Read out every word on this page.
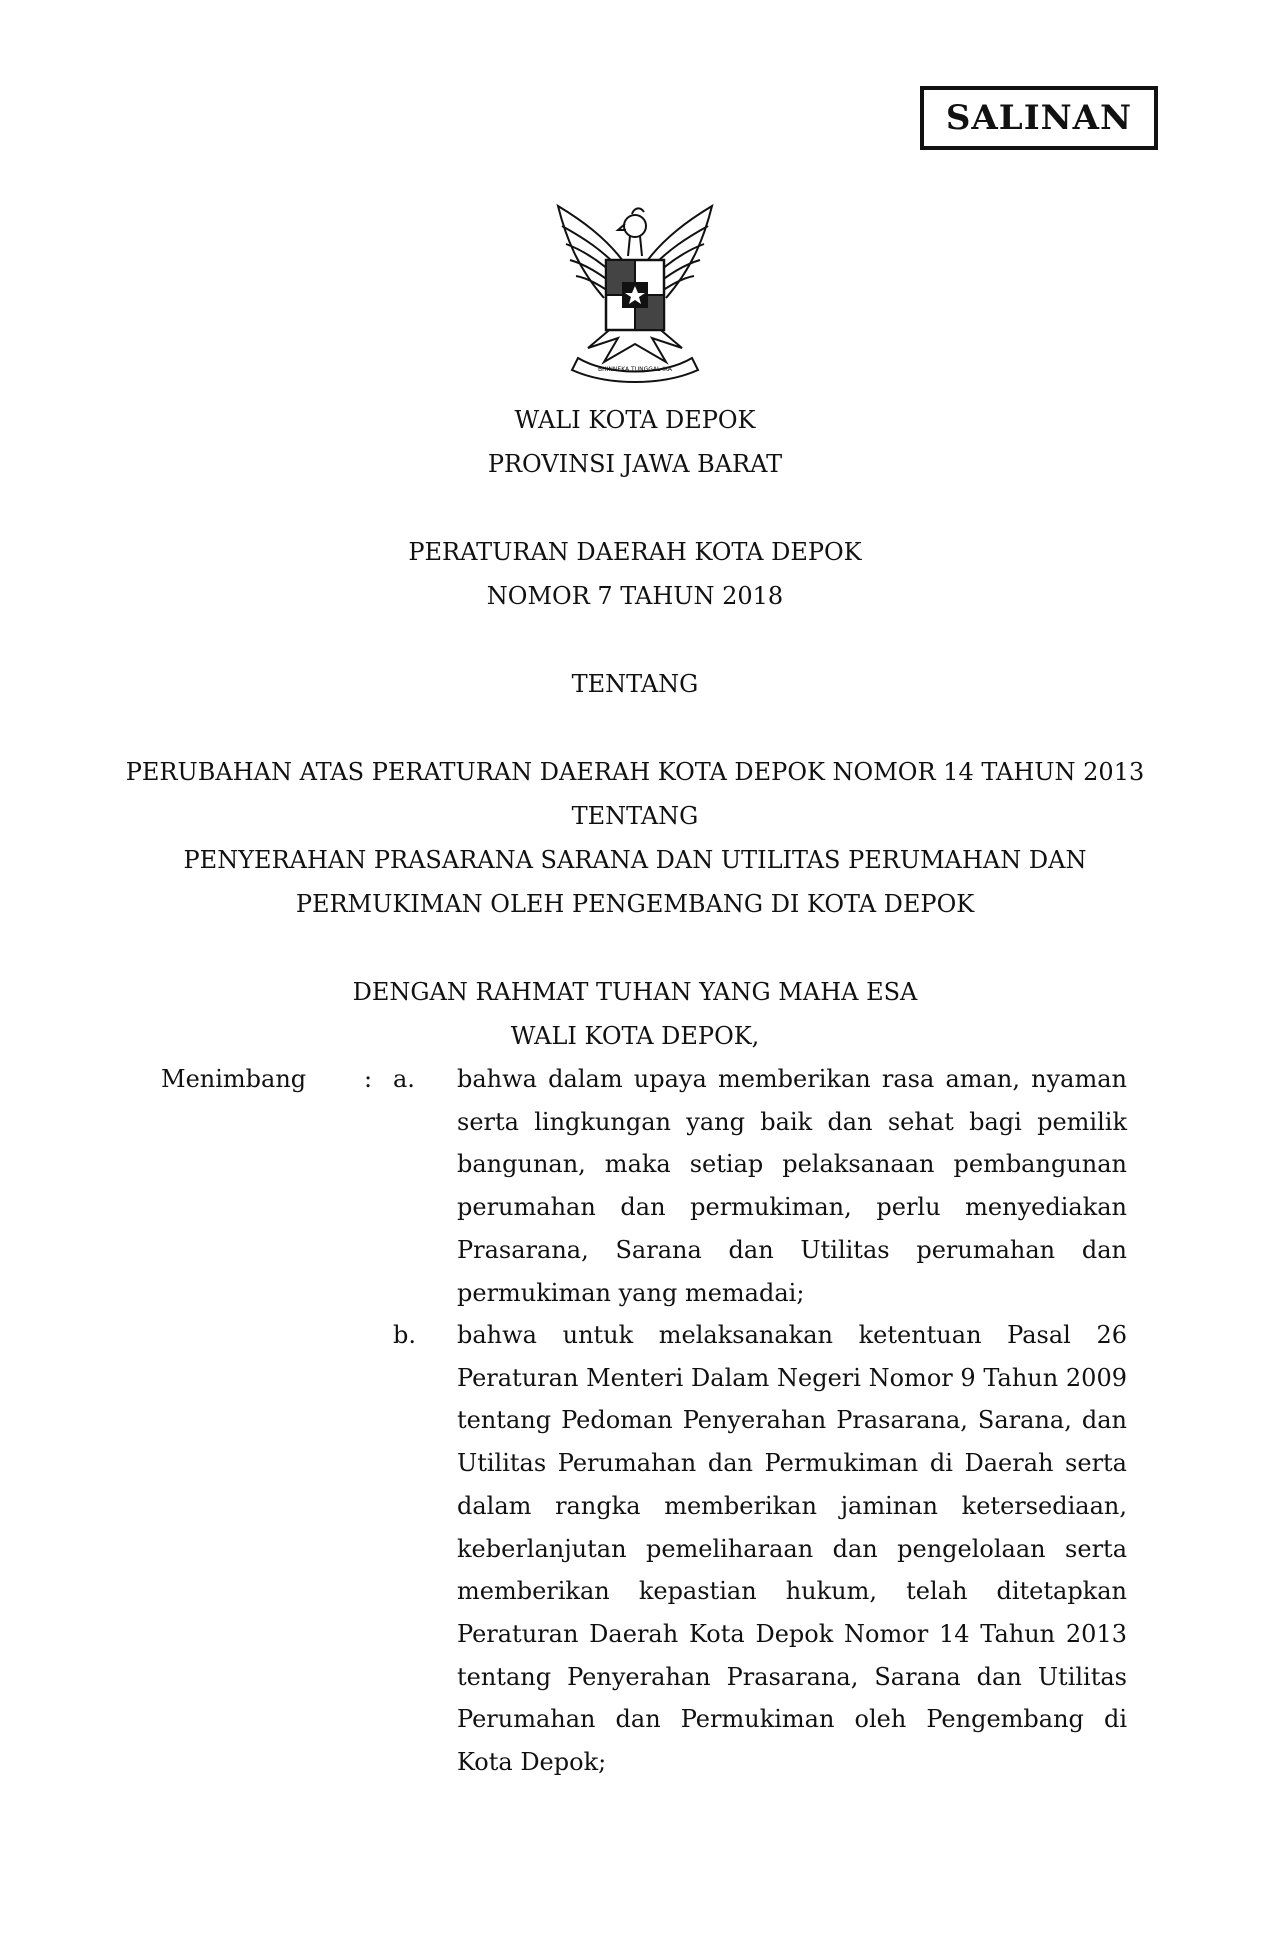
SALINAN
BHINNEKA TUNGGAL IKA
WALI KOTA DEPOK
PROVINSI JAWA BARAT
PERATURAN DAERAH KOTA DEPOK
NOMOR 7 TAHUN 2018
TENTANG
PERUBAHAN ATAS PERATURAN DAERAH KOTA DEPOK NOMOR 14 TAHUN 2013
TENTANG
PENYERAHAN PRASARANA SARANA DAN UTILITAS PERUMAHAN DAN
PERMUKIMAN OLEH PENGEMBANG DI KOTA DEPOK
DENGAN RAHMAT TUHAN YANG MAHA ESA
WALI KOTA DEPOK,
Menimbang : a. bahwa dalam upaya memberikan rasa aman, nyaman serta lingkungan yang baik dan sehat bagi pemilik bangunan, maka setiap pelaksanaan pembangunan perumahan dan permukiman, perlu menyediakan Prasarana, Sarana dan Utilitas perumahan dan permukiman yang memadai;

b. bahwa untuk melaksanakan ketentuan Pasal 26 Peraturan Menteri Dalam Negeri Nomor 9 Tahun 2009 tentang Pedoman Penyerahan Prasarana, Sarana, dan Utilitas Perumahan dan Permukiman di Daerah serta dalam rangka memberikan jaminan ketersediaan, keberlanjutan pemeliharaan dan pengelolaan serta memberikan kepastian hukum, telah ditetapkan Peraturan Daerah Kota Depok Nomor 14 Tahun 2013 tentang Penyerahan Prasarana, Sarana dan Utilitas Perumahan dan Permukiman oleh Pengembang di Kota Depok;
